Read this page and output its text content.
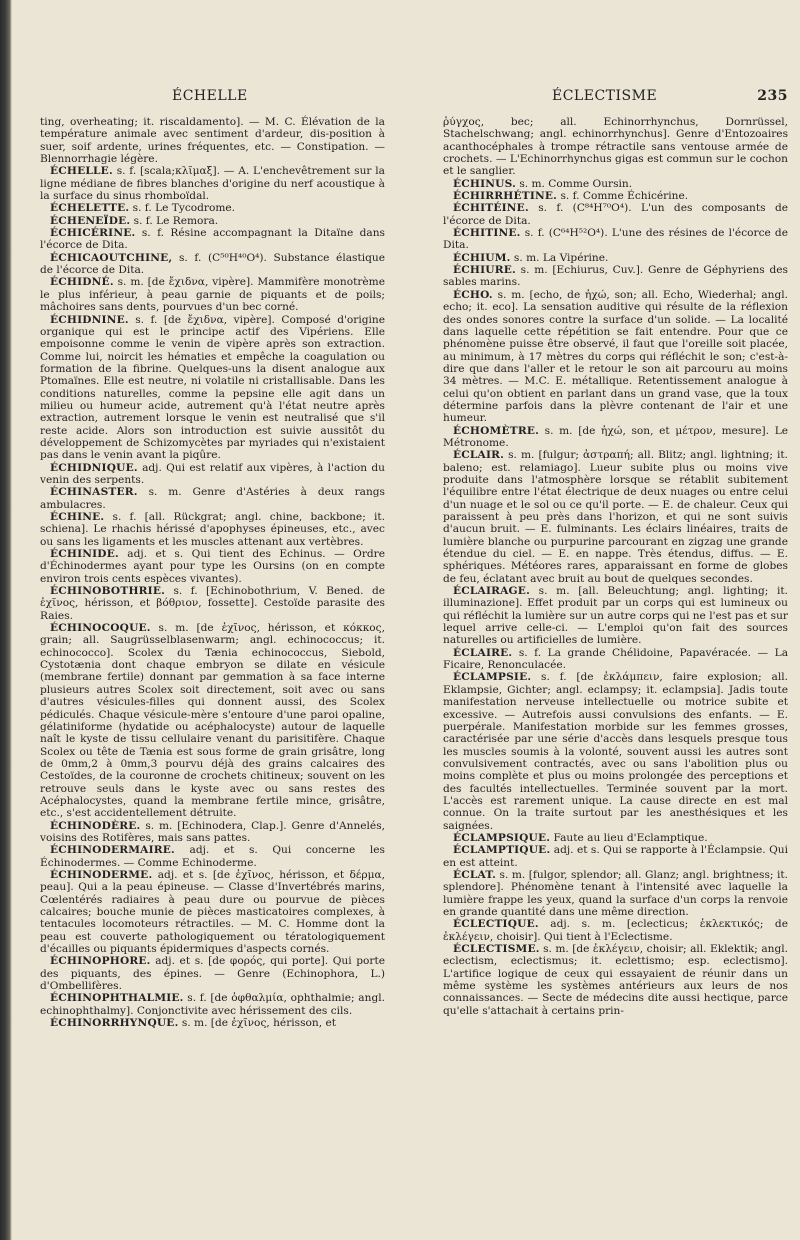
ÉCHELLE	ÉCLECTISME	235

ting, overheating; it. riscaldamento]. — M. C. Élévation de la température animale avec sentiment d'ardeur, dis-position à suer, soif ardente, urines fréquentes, etc. — Constipation. — Blennorrhagie légère.

ÉCHELLE. s. f. [scala;κλῖμαξ]. — A. L'enchevêtrement sur la ligne médiane de fibres blanches d'origine du nerf acoustique à la surface du sinus rhomboïdal.

ÉCHELETTE. s. f. Le Tycodrome.

ÉCHENEÏDE. s. f. Le Remora.

ÉCHICÉRINE. s. f. Résine accompagnant la Ditaïne dans l'écorce de Dita.

ÉCHICAOUTCHINE, s. f. (C⁵⁰H⁴⁰O⁴). Substance élastique de l'écorce de Dita.

ÉCHIDNÉ. s. m. [de ἔχιδνα, vipère]. Mammifère monotrème le plus inférieur, à peau garnie de piquants et de poils; mâchoires sans dents, pourvues d'un bec corné.

ÉCHIDNINE. s. f. [de ἔχιδνα, vipère]. Composé d'origine organique qui est le principe actif des Vipériens. Elle empoisonne comme le venin de vipère après son extraction. Comme lui, noircit les hématies et empêche la coagulation ou formation de la fibrine. Quelques-uns la disent analogue aux Ptomaïnes. Elle est neutre, ni volatile ni cristallisable. Dans les conditions naturelles, comme la pepsine elle agit dans un milieu ou humeur acide, autrement qu'à l'état neutre après extraction, autrement lorsque le venin est neutralisé que s'il reste acide. Alors son introduction est suivie aussitôt du développement de Schizomycètes par myriades qui n'existaient pas dans le venin avant la piqûre.

ÉCHIDNIQUE. adj. Qui est relatif aux vipères, à l'action du venin des serpents.

ÉCHINASTER. s. m. Genre d'Astéries à deux rangs ambulacres.

ÉCHINE. s. f. [all. Rückgrat; angl. chine, backbone; it. schiena]. Le rhachis hérissé d'apophyses épineuses, etc., avec ou sans les ligaments et les muscles attenant aux vertèbres.

ÉCHINIDE. adj. et s. Qui tient des Echinus. — Ordre d'Échinodermes ayant pour type les Oursins (on en compte environ trois cents espèces vivantes).

ÉCHINOBOTHRIE. s. f. [Echinobothrium, V. Bened. de ἐχῖνος, hérisson, et βόθριον, fossette]. Cestoïde parasite des Raies.

ÉCHINOCOQUE. s. m. [de ἐχῖνος, hérisson, et κόκκος, grain; all. Saugrüsselblasenwarm; angl. echinococcus; it. echinococco]. Scolex du Tænia echinococcus, Siebold, Cystotænia dont chaque embryon se dilate en vésicule (membrane fertile) donnant par gemmation à sa face interne plusieurs autres Scolex soit directement, soit avec ou sans d'autres vésicules-filles qui donnent aussi, des Scolex pédiculés. Chaque vésicule-mère s'entoure d'une paroi opaline, gélatiniforme (hydatide ou acéphalocyste) autour de laquelle naît le kyste de tissu cellulaire venant du parisitifère. Chaque Scolex ou tête de Tænia est sous forme de grain grisâtre, long de 0mm,2 à 0mm,3 pourvu déjà des grains calcaires des Cestoïdes, de la couronne de crochets chitineux; souvent on les retrouve seuls dans le kyste avec ou sans restes des Acéphalocystes, quand la membrane fertile mince, grisâtre, etc., s'est accidentellement détruite.

ÉCHINODÈRE. s. m. [Echinodera, Clap.]. Genre d'Annelés, voisins des Rotifères, mais sans pattes.

ÉCHINODERMAIRE. adj. et s. Qui concerne les Échinodermes. — Comme Echinoderme.

ÉCHINODERME. adj. et s. [de ἐχῖνος, hérisson, et δέρμα, peau]. Qui a la peau épineuse. — Classe d'Invertébrés marins, Cœlentérés radiaires à peau dure ou pourvue de pièces calcaires; bouche munie de pièces masticatoires complexes, à tentacules locomoteurs rétractiles. — M. C. Homme dont la peau est couverte pathologiquement ou tératologiquement d'écailles ou piquants épidermiques d'aspects cornés.

ÉCHINOPHORE. adj. et s. [de φορός, qui porte]. Qui porte des piquants, des épines. — Genre (Echinophora, L.) d'Ombellifères.

ÉCHINOPHTHALMIE. s. f. [de ὀφθαλμία, ophthalmie; angl. echinophthalmy]. Conjonctivite avec hérissement des cils.

ÉCHINORRHYNQUE. s. m. [de ἐχῖνος, hérisson, et

ῥύγχος, bec; all. Echinorrhynchus, Dornrüssel, Stachelschwang; angl. echinorrhynchus]. Genre d'Entozoaires acanthocéphales à trompe rétractile sans ventouse armée de crochets. — L'Echinorrhynchus gigas est commun sur le cochon et le sanglier.

ÉCHINUS. s. m. Comme Oursin.

ÉCHIRRHÉTINE. s. f. Comme Échicérine.

ÉCHITÉINE. s. f. (C⁸⁴H⁷⁰O⁴). L'un des composants de l'écorce de Dita.

ÉCHITINE. s. f. (C⁶⁴H⁵²O⁴). L'une des résines de l'écorce de Dita.

ÉCHIUM. s. m. La Vipérine.

ÉCHIURE. s. m. [Echiurus, Cuv.]. Genre de Géphyriens des sables marins.

ÉCHO. s. m. [echo, de ἠχώ, son; all. Echo, Wiederhal; angl. echo; it. eco]. La sensation auditive qui résulte de la réflexion des ondes sonores contre la surface d'un solide. — La localité dans laquelle cette répétition se fait entendre. Pour que ce phénomène puisse être observé, il faut que l'oreille soit placée, au minimum, à 17 mètres du corps qui réfléchit le son; c'est-à-dire que dans l'aller et le retour le son ait parcouru au moins 34 mètres. — M.C. E. métallique. Retentissement analogue à celui qu'on obtient en parlant dans un grand vase, que la toux détermine parfois dans la plèvre contenant de l'air et une humeur.

ÉCHOMÈTRE. s. m. [de ἠχώ, son, et μέτρον, mesure]. Le Métronome.

ÉCLAIR. s. m. [fulgur; ἀστραπή; all. Blitz; angl. lightning; it. baleno; est. relamiago]. Lueur subite plus ou moins vive produite dans l'atmosphère lorsque se rétablit subitement l'équilibre entre l'état électrique de deux nuages ou entre celui d'un nuage et le sol ou ce qu'il porte. — E. de chaleur. Ceux qui paraissent à peu près dans l'horizon, et qui ne sont suivis d'aucun bruit. — E. fulminants. Les éclairs linéaires, traits de lumière blanche ou purpurine parcourant en zigzag une grande étendue du ciel. — E. en nappe. Très étendus, diffus. — E. sphériques. Météores rares, apparaissant en forme de globes de feu, éclatant avec bruit au bout de quelques secondes.

ÉCLAIRAGE. s. m. [all. Beleuchtung; angl. lighting; it. illuminazione]. Effet produit par un corps qui est lumineux ou qui réfléchit la lumière sur un autre corps qui ne l'est pas et sur lequel arrive celle-ci. — L'emploi qu'on fait des sources naturelles ou artificielles de lumière.

ÉCLAIRE. s. f. La grande Chélidoine, Papavéracée. — La Ficaire, Renonculacée.

ÉCLAMPSIE. s. f. [de ἐκλάμπειν, faire explosion; all. Eklampsie, Gichter; angl. eclampsy; it. eclampsia]. Jadis toute manifestation nerveuse intellectuelle ou motrice subite et excessive. — Autrefois aussi convulsions des enfants. — E. puerpérale. Manifestation morbide sur les femmes grosses, caractérisée par une série d'accès dans lesquels presque tous les muscles soumis à la volonté, souvent aussi les autres sont convulsivement contractés, avec ou sans l'abolition plus ou moins complète et plus ou moins prolongée des perceptions et des facultés intellectuelles. Terminée souvent par la mort. L'accès est rarement unique. La cause directe en est mal connue. On la traite surtout par les anesthésiques et les saignées.

ÉCLAMPSIQUE. Faute au lieu d'Eclamptique.

ÉCLAMPTIQUE. adj. et s. Qui se rapporte à l'Éclampsie. Qui en est atteint.

ÉCLAT. s. m. [fulgor, splendor; all. Glanz; angl. brightness; it. splendore]. Phénomène tenant à l'intensité avec laquelle la lumière frappe les yeux, quand la surface d'un corps la renvoie en grande quantité dans une même direction.

ÉCLECTIQUE. adj. s. m. [eclecticus; ἐκλεκτικός; de ἐκλέγειν, choisir]. Qui tient à l'Eclectisme.

ÉCLECTISME. s. m. [de ἐκλέγειν, choisir; all. Eklektik; angl. eclectism, eclectismus; it. eclettismo; esp. eclectismo]. L'artifice logique de ceux qui essayaient de réunir dans un même système les systèmes antérieurs aux leurs de nos connaissances. — Secte de médecins dite aussi hectique, parce qu'elle s'attachait à certains prin-
